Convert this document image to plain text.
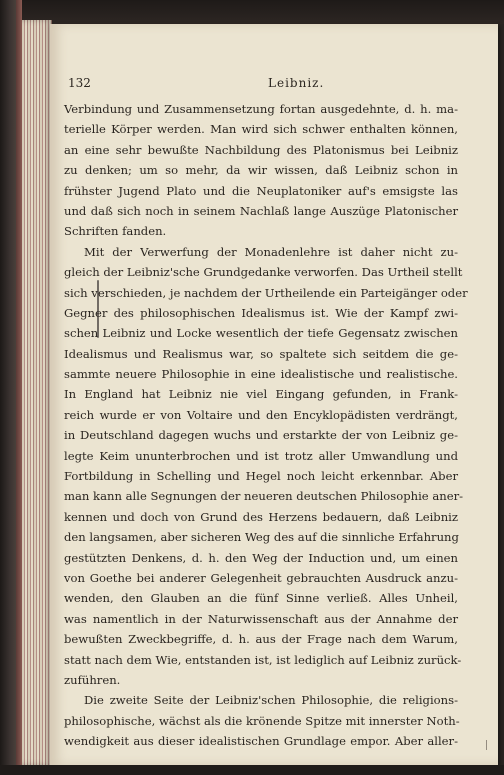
132	Leibniz.
Verbindung und Zusammensetzung fortan ausgedehnte, d. h. ma-
terielle Körper werden. Man wird sich schwer enthalten können,
an eine sehr bewußte Nachbildung des Platonismus bei Leibniz
zu denken; um so mehr, da wir wissen, daß Leibniz schon in
frühster Jugend Plato und die Neuplatoniker auf's emsigste las
und daß sich noch in seinem Nachlaß lange Auszüge Platonischer
Schriften fanden.
Mit der Verwerfung der Monadenlehre ist daher nicht zu-
gleich der Leibniz'sche Grundgedanke verworfen. Das Urtheil stellt
sich verschieden, je nachdem der Urtheilende ein Parteigänger oder
Gegner des philosophischen Idealismus ist. Wie der Kampf zwi-
schen Leibniz und Locke wesentlich der tiefe Gegensatz zwischen
Idealismus und Realismus war, so spaltete sich seitdem die ge-
sammte neuere Philosophie in eine idealistische und realistische.
In England hat Leibniz nie viel Eingang gefunden, in Frank-
reich wurde er von Voltaire und den Encyklopädisten verdrängt,
in Deutschland dagegen wuchs und erstarkte der von Leibniz ge-
legte Keim ununterbrochen und ist trotz aller Umwandlung und
Fortbildung in Schelling und Hegel noch leicht erkennbar. Aber
man kann alle Segnungen der neueren deutschen Philosophie aner-
kennen und doch von Grund des Herzens bedauern, daß Leibniz
den langsamen, aber sicheren Weg des auf die sinnliche Erfahrung
gestützten Denkens, d. h. den Weg der Induction und, um einen
von Goethe bei anderer Gelegenheit gebrauchten Ausdruck anzu-
wenden, den Glauben an die fünf Sinne verließ. Alles Unheil,
was namentlich in der Naturwissenschaft aus der Annahme der
bewußten Zweckbegriffe, d. h. aus der Frage nach dem Warum,
statt nach dem Wie, entstanden ist, ist lediglich auf Leibniz zurück-
zuführen.
Die zweite Seite der Leibniz'schen Philosophie, die religions-
philosophische, wächst als die krönende Spitze mit innerster Noth-
wendigkeit aus dieser idealistischen Grundlage empor. Aber aller-
